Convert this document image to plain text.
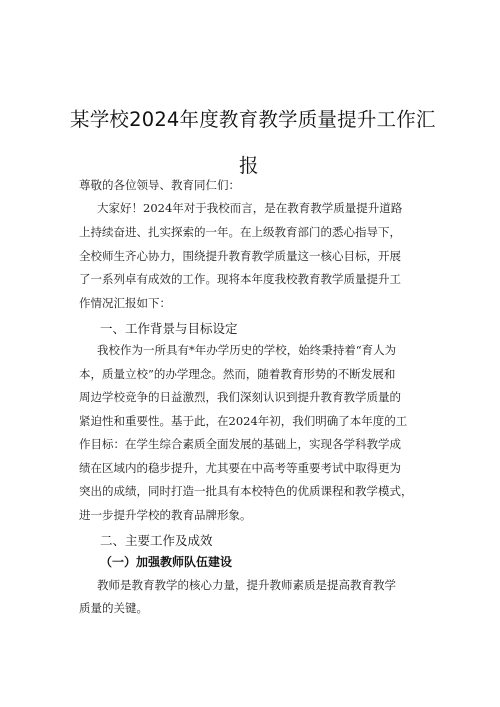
某学校2024年度教育教学质量提升工作汇
报
尊敬的各位领导、教育同仁们：
大家好！2024年对于我校而言，是在教育教学质量提升道路
上持续奋进、扎实探索的一年。在上级教育部门的悉心指导下，
全校师生齐心协力，围绕提升教育教学质量这一核心目标，开展
了一系列卓有成效的工作。现将本年度我校教育教学质量提升工
作情况汇报如下：
一、工作背景与目标设定
我校作为一所具有*年办学历史的学校，始终秉持着“育人为
本，质量立校”的办学理念。然而，随着教育形势的不断发展和
周边学校竞争的日益激烈，我们深刻认识到提升教育教学质量的
紧迫性和重要性。基于此，在2024年初，我们明确了本年度的工
作目标：在学生综合素质全面发展的基础上，实现各学科教学成
绩在区域内的稳步提升，尤其要在中高考等重要考试中取得更为
突出的成绩，同时打造一批具有本校特色的优质课程和教学模式，
进一步提升学校的教育品牌形象。
二、主要工作及成效
（一）加强教师队伍建设
教师是教育教学的核心力量，提升教师素质是提高教育教学
质量的关键。
